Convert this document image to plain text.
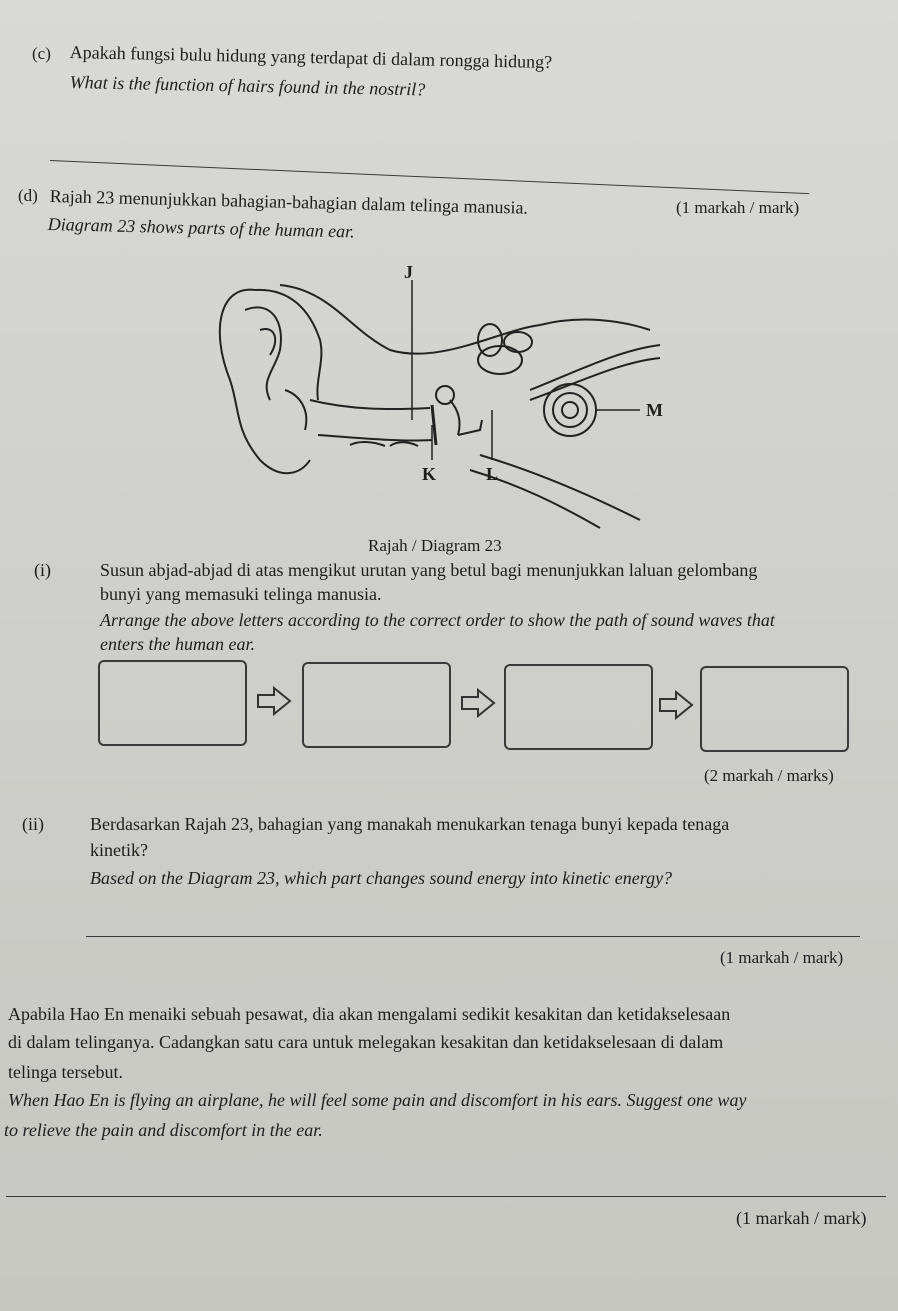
(c) Apakah fungsi bulu hidung yang terdapat di dalam rongga hidung?
What is the function of hairs found in the nostril?
(1 markah / mark)
(d) Rajah 23 menunjukkan bahagian-bahagian dalam telinga manusia.
Diagram 23 shows parts of the human ear.
J
K	L
M
Rajah / Diagram 23
(i)	Susun abjad-abjad di atas mengikut urutan yang betul bagi menunjukkan laluan gelombang
bunyi yang memasuki telinga manusia.
Arrange the above letters according to the correct order to show the path of sound waves that
enters the human ear.
(2 markah / marks)
(ii)	Berdasarkan Rajah 23, bahagian yang manakah menukarkan tenaga bunyi kepada tenaga
kinetik?
Based on the Diagram 23, which part changes sound energy into kinetic energy?
(1 markah / mark)
Apabila Hao En menaiki sebuah pesawat, dia akan mengalami sedikit kesakitan dan ketidakselesaan
di dalam telinganya. Cadangkan satu cara untuk melegakan kesakitan dan ketidakselesaan di dalam
telinga tersebut.
When Hao En is flying an airplane, he will feel some pain and discomfort in his ears. Suggest one way
to relieve the pain and discomfort in the ear.
(1 markah / mark)
